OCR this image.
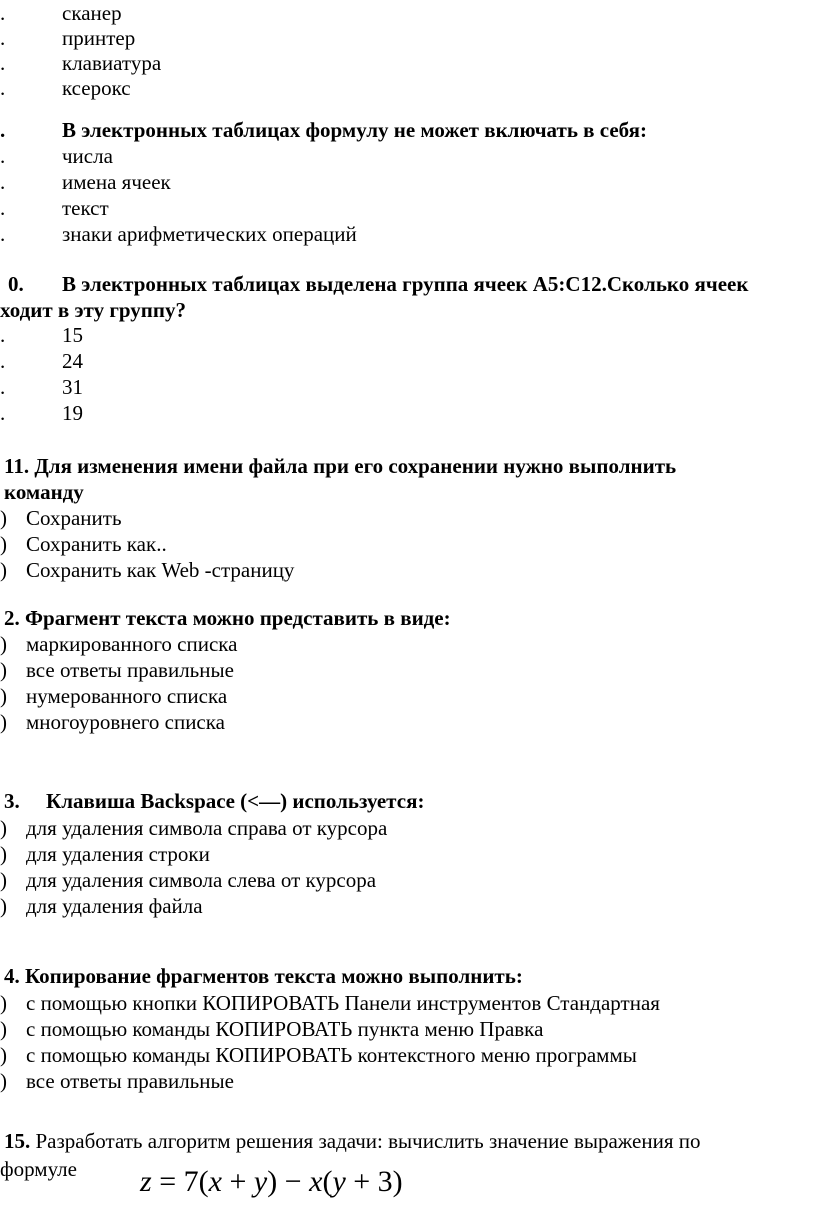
.	сканер
.	принтер
.	клавиатура
.	ксерокс
.	В электронных таблицах формулу не может включать в себя:
.	числа
.	имена ячеек
.	текст
.	знаки арифметических операций
0. В электронных таблицах выделена группа ячеек A5:C12.Сколько ячеек
ходит в эту группу?
.	15
.	24
.	31
.	19
11. Для изменения имени файла при его сохранении нужно выполнить
команду
) Сохранить
) Сохранить как..
) Сохранить как Web -страницу
2. Фрагмент текста можно представить в виде:
) маркированного списка
) все ответы правильные
) нумерованного списка
) многоуровнего списка
3. Клавиша Backspace (<—) используется:
) для удаления символа справа от курсора
) для удаления строки
) для удаления символа слева от курсора
) для удаления файла
4. Копирование фрагментов текста можно выполнить:
) с помощью кнопки КОПИРОВАТЬ Панели инструментов Стандартная
) с помощью команды КОПИРОВАТЬ пункта меню Правка
) с помощью команды КОПИРОВАТЬ контекстного меню программы
) все ответы правильные
15. Разработать алгоритм решения задачи: вычислить значение выражения по
формуле z = 7(x + y) − x(y + 3)
